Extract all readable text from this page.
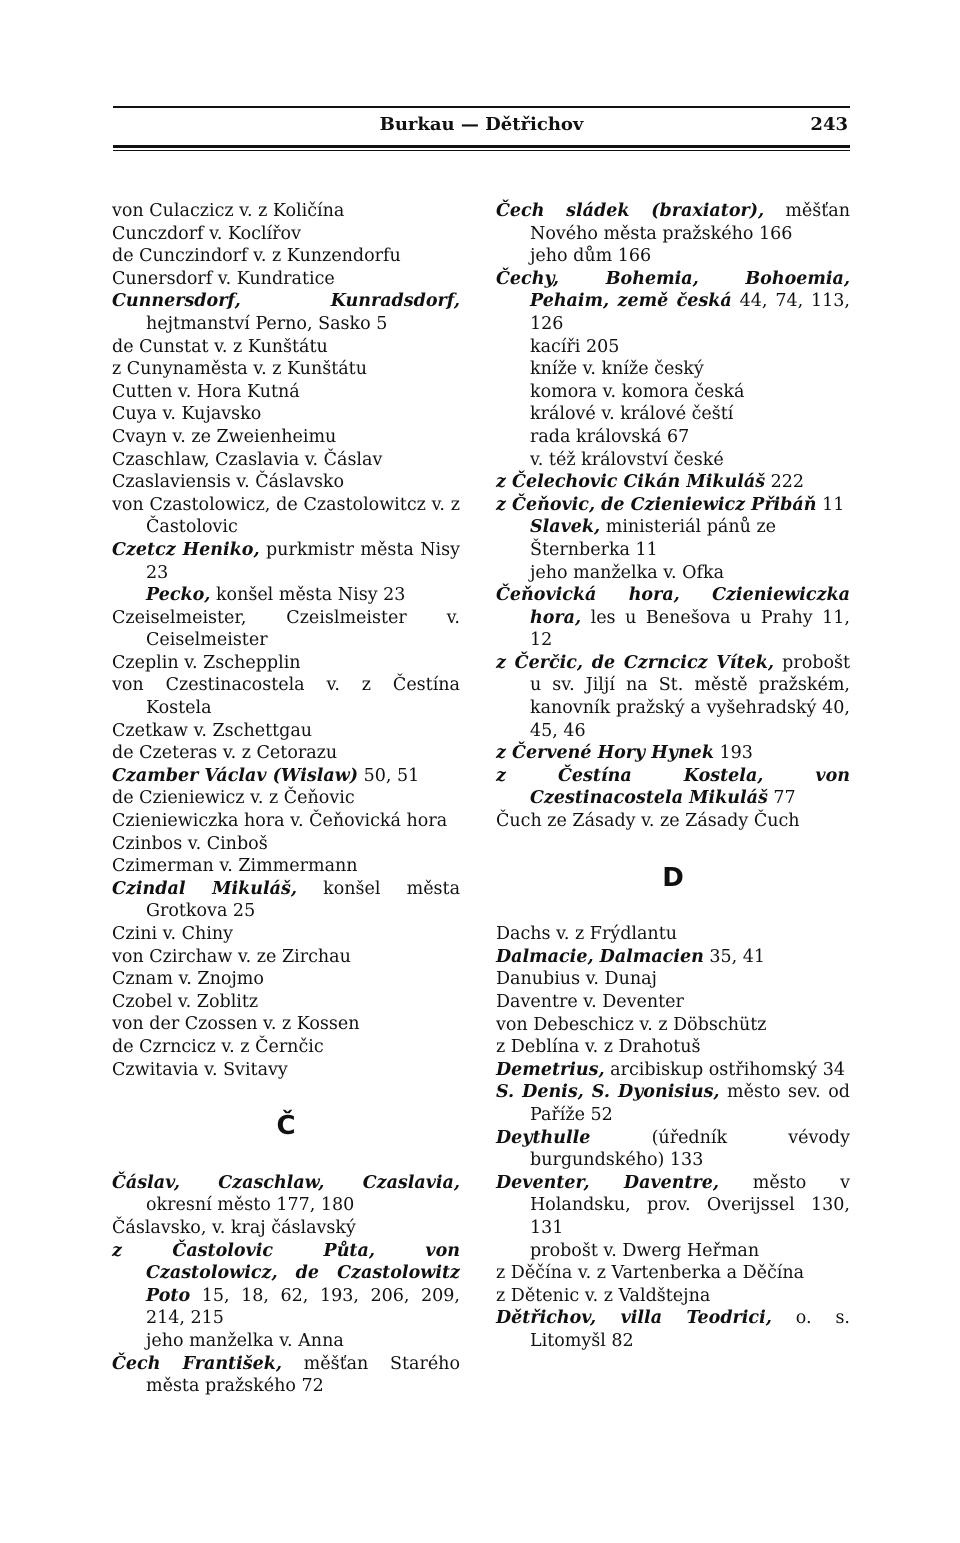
Burkau — Dětřichov	243

von Culaczicz v. z Količína

Cunczdorf v. Koclířov

de Cunczindorf v. z Kunzendorfu

Cunersdorf v. Kundratice

Cunnersdorf, Kunradsdorf, hejtmanství Perno, Sasko 5

de Cunstat v. z Kunštátu

z Cunynaměsta v. z Kunštátu

Cutten v. Hora Kutná

Cuya v. Kujavsko

Cvayn v. ze Zweienheimu

Czaschlaw, Czaslavia v. Čáslav

Czaslaviensis v. Čáslavsko

von Czastolowicz, de Czastolowitcz v. z Častolovic

Czetcz Heniko, purkmistr města Nisy 23

Pecko, konšel města Nisy 23

Czeiselmeister, Czeislmeister v. Ceiselmeister

Czeplin v. Zschepplin

von Czestinacostela v. z Čestína Kostela

Czetkaw v. Zschettgau

de Czeteras v. z Cetorazu

Czamber Václav (Wislaw) 50, 51

de Czieniewicz v. z Čeňovic

Czieniewiczka hora v. Čeňovická hora

Czinbos v. Cinboš

Czimerman v. Zimmermann

Czindal Mikuláš, konšel města Grotkova 25

Czini v. Chiny

von Czirchaw v. ze Zirchau

Cznam v. Znojmo

Czobel v. Zoblitz

von der Czossen v. z Kossen

de Czrncicz v. z Černčic

Czwitavia v. Svitavy

Č

Čáslav, Czaschlaw, Czaslavia, okresní město 177, 180

Čáslavsko, v. kraj čáslavský

z Častolovic Půta, von Czastolowicz, de Czastolowitz Poto 15, 18, 62, 193, 206, 209, 214, 215

jeho manželka v. Anna

Čech František, měšťan Starého města pražského 72

Čech sládek (braxiator), měšťan Nového města pražského 166

jeho dům 166

Čechy, Bohemia, Bohoemia, Pehaim, země česká 44, 74, 113, 126

kacíři 205

kníže v. kníže český

komora v. komora česká

králové v. králové čeští

rada královská 67

v. též království české

z Čelechovic Cikán Mikuláš 222

z Čeňovic, de Czieniewicz Přibáň 11

Slavek, ministeriál pánů ze Šternberka 11

jeho manželka v. Ofka

Čeňovická hora, Czieniewiczka hora, les u Benešova u Prahy 11, 12

z Čerčic, de Czrncicz Vítek, probošt u sv. Jiljí na St. městě pražském, kanovník pražský a vyšehradský 40, 45, 46

z Červené Hory Hynek 193

z Čestína Kostela, von Czestinacostela Mikuláš 77

Čuch ze Zásady v. ze Zásady Čuch

D

Dachs v. z Frýdlantu

Dalmacie, Dalmacien 35, 41

Danubius v. Dunaj

Daventre v. Deventer

von Debeschicz v. z Döbschütz

z Deblína v. z Drahotuš

Demetrius, arcibiskup ostřihomský 34

S. Denis, S. Dyonisius, město sev. od Paříže 52

Deythulle (úředník vévody burgundského) 133

Deventer, Daventre, město v Holandsku, prov. Overijssel 130, 131

probošt v. Dwerg Heřman

z Děčína v. z Vartenberka a Děčína

z Dětenic v. z Valdštejna

Dětřichov, villa Teodrici, o. s. Litomyšl 82
